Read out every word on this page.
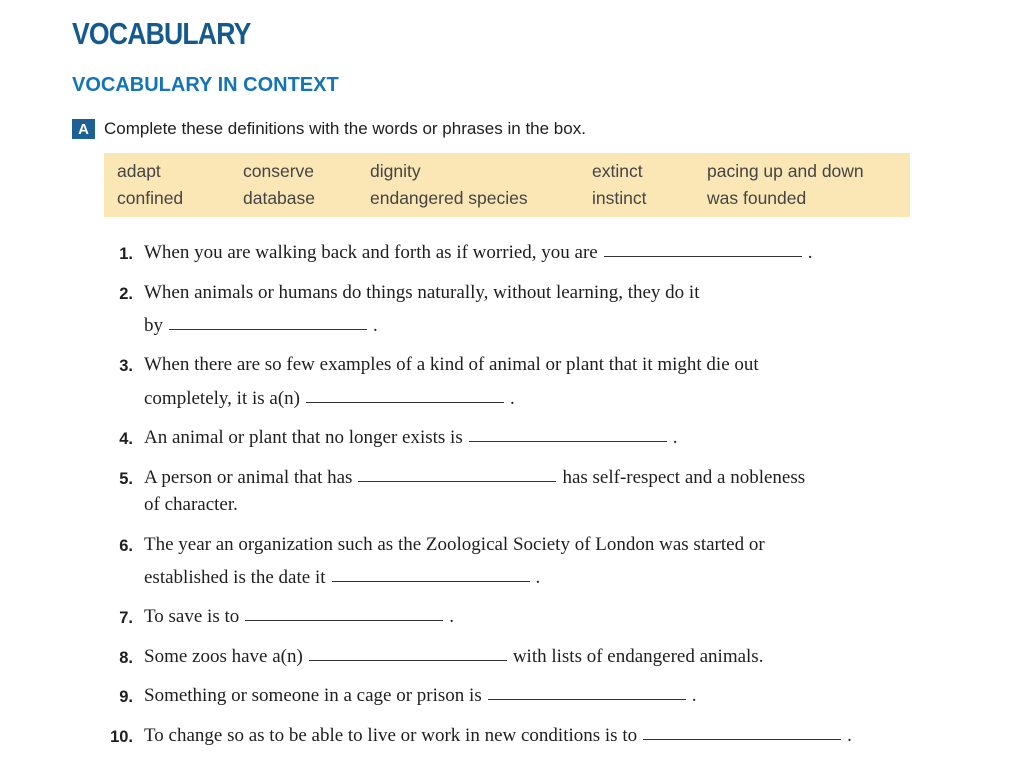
VOCABULARY
VOCABULARY IN CONTEXT
A Complete these definitions with the words or phrases in the box.
adapt	conserve	dignity	extinct	pacing up and down
confined	database	endangered species	instinct	was founded
1. When you are walking back and forth as if worried, you are	.
2. When animals or humans do things naturally, without learning, they do it
by	.
3. When there are so few examples of a kind of animal or plant that it might die out
completely, it is a(n)	.
4. An animal or plant that no longer exists is	.
5. A person or animal that has	has self-respect and a nobleness
of character.
6. The year an organization such as the Zoological Society of London was started or
established is the date it	.
7. To save is to	.
8. Some zoos have a(n)	with lists of endangered animals.
9. Something or someone in a cage or prison is	.
10. To change so as to be able to live or work in new conditions is to	.
